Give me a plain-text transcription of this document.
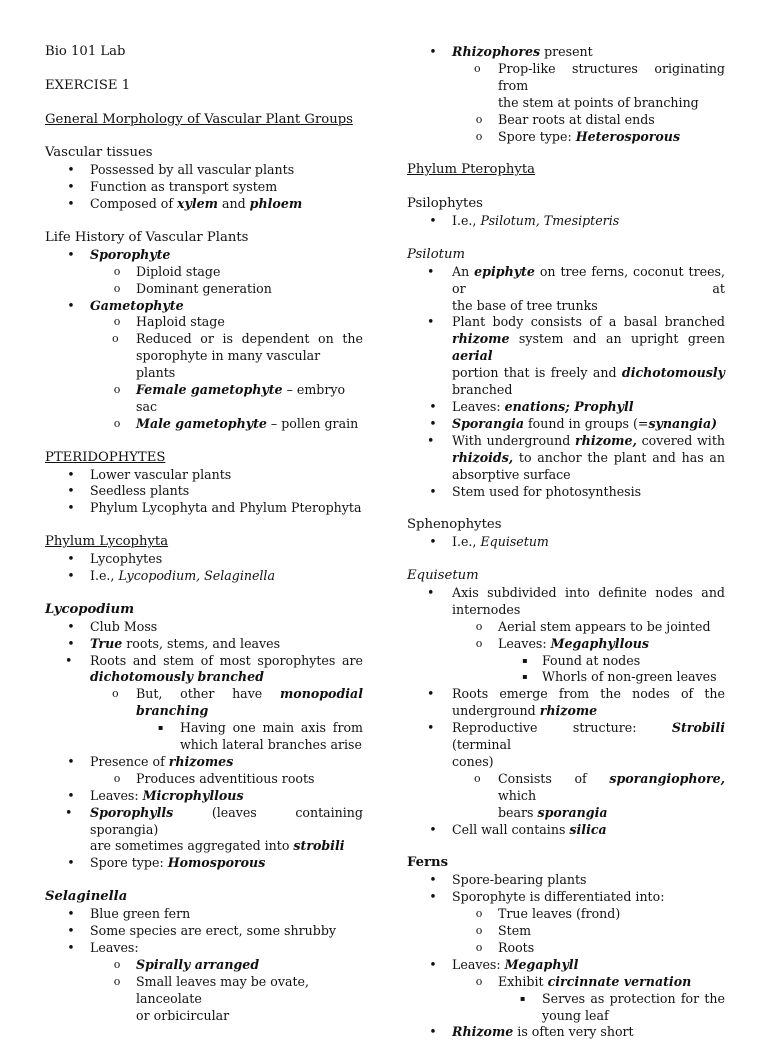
Bio 101 Lab
EXERCISE 1
General Morphology of Vascular Plant Groups
Vascular tissues
• Possessed by all vascular plants
• Function as transport system
• Composed of xylem and phloem
Life History of Vascular Plants
• Sporophyte
o Diploid stage
o Dominant generation
• Gametophyte
o Haploid stage
o Reduced or is dependent on the
sporophyte in many vascular plants
o Female gametophyte – embryo sac
o Male gametophyte – pollen grain
PTERIDOPHYTES
• Lower vascular plants
• Seedless plants
• Phylum Lycophyta and Phylum Pterophyta
Phylum Lycophyta
• Lycophytes
• I.e., Lycopodium, Selaginella
Lycopodium
• Club Moss
• True roots, stems, and leaves
•	Roots and stem of most sporophytes are
dichotomously branched
o But, other have monopodial
branching
▪	Having one main axis from
which lateral branches arise
• Presence of rhizomes
o Produces adventitious roots
• Leaves: Microphyllous
•	Sporophylls (leaves containing sporangia)
are sometimes aggregated into strobili
• Spore type: Homosporous
Selaginella
• Blue green fern
• Some species are erect, some shrubby
• Leaves:
o Spirally arranged
o Small leaves may be ovate, lanceolate
or orbicircular
• Rhizophores present
o Prop-like structures originating from
the stem at points of branching
o Bear roots at distal ends
o Spore type: Heterosporous
Phylum Pterophyta
Psilophytes
• I.e., Psilotum, Tmesipteris
Psilotum
•	An epiphyte on tree ferns, coconut trees, or at
the base of tree trunks
•	Plant body consists of a basal branched
rhizome system and an upright green aerial
portion that is freely and dichotomously
branched
• Leaves: enations; Prophyll
• Sporangia found in groups (=synangia)
•	With underground rhizome, covered with
rhizoids, to anchor the plant and has an
absorptive surface
• Stem used for photosynthesis
Sphenophytes
• I.e., Equisetum
Equisetum
•	Axis subdivided into definite nodes and
internodes
o Aerial stem appears to be jointed
o Leaves: Megaphyllous
▪ Found at nodes
▪ Whorls of non-green leaves
•	Roots emerge from the nodes of the
underground rhizome
•	Reproductive structure: Strobili (terminal
cones)
o Consists of sporangiophore, which
bears sporangia
• Cell wall contains silica
Ferns
• Spore-bearing plants
• Sporophyte is differentiated into:
o True leaves (frond)
o Stem
o Roots
• Leaves: Megaphyll
o Exhibit circinnate vernation
▪	Serves as protection for the
young leaf
• Rhizome is often very short
